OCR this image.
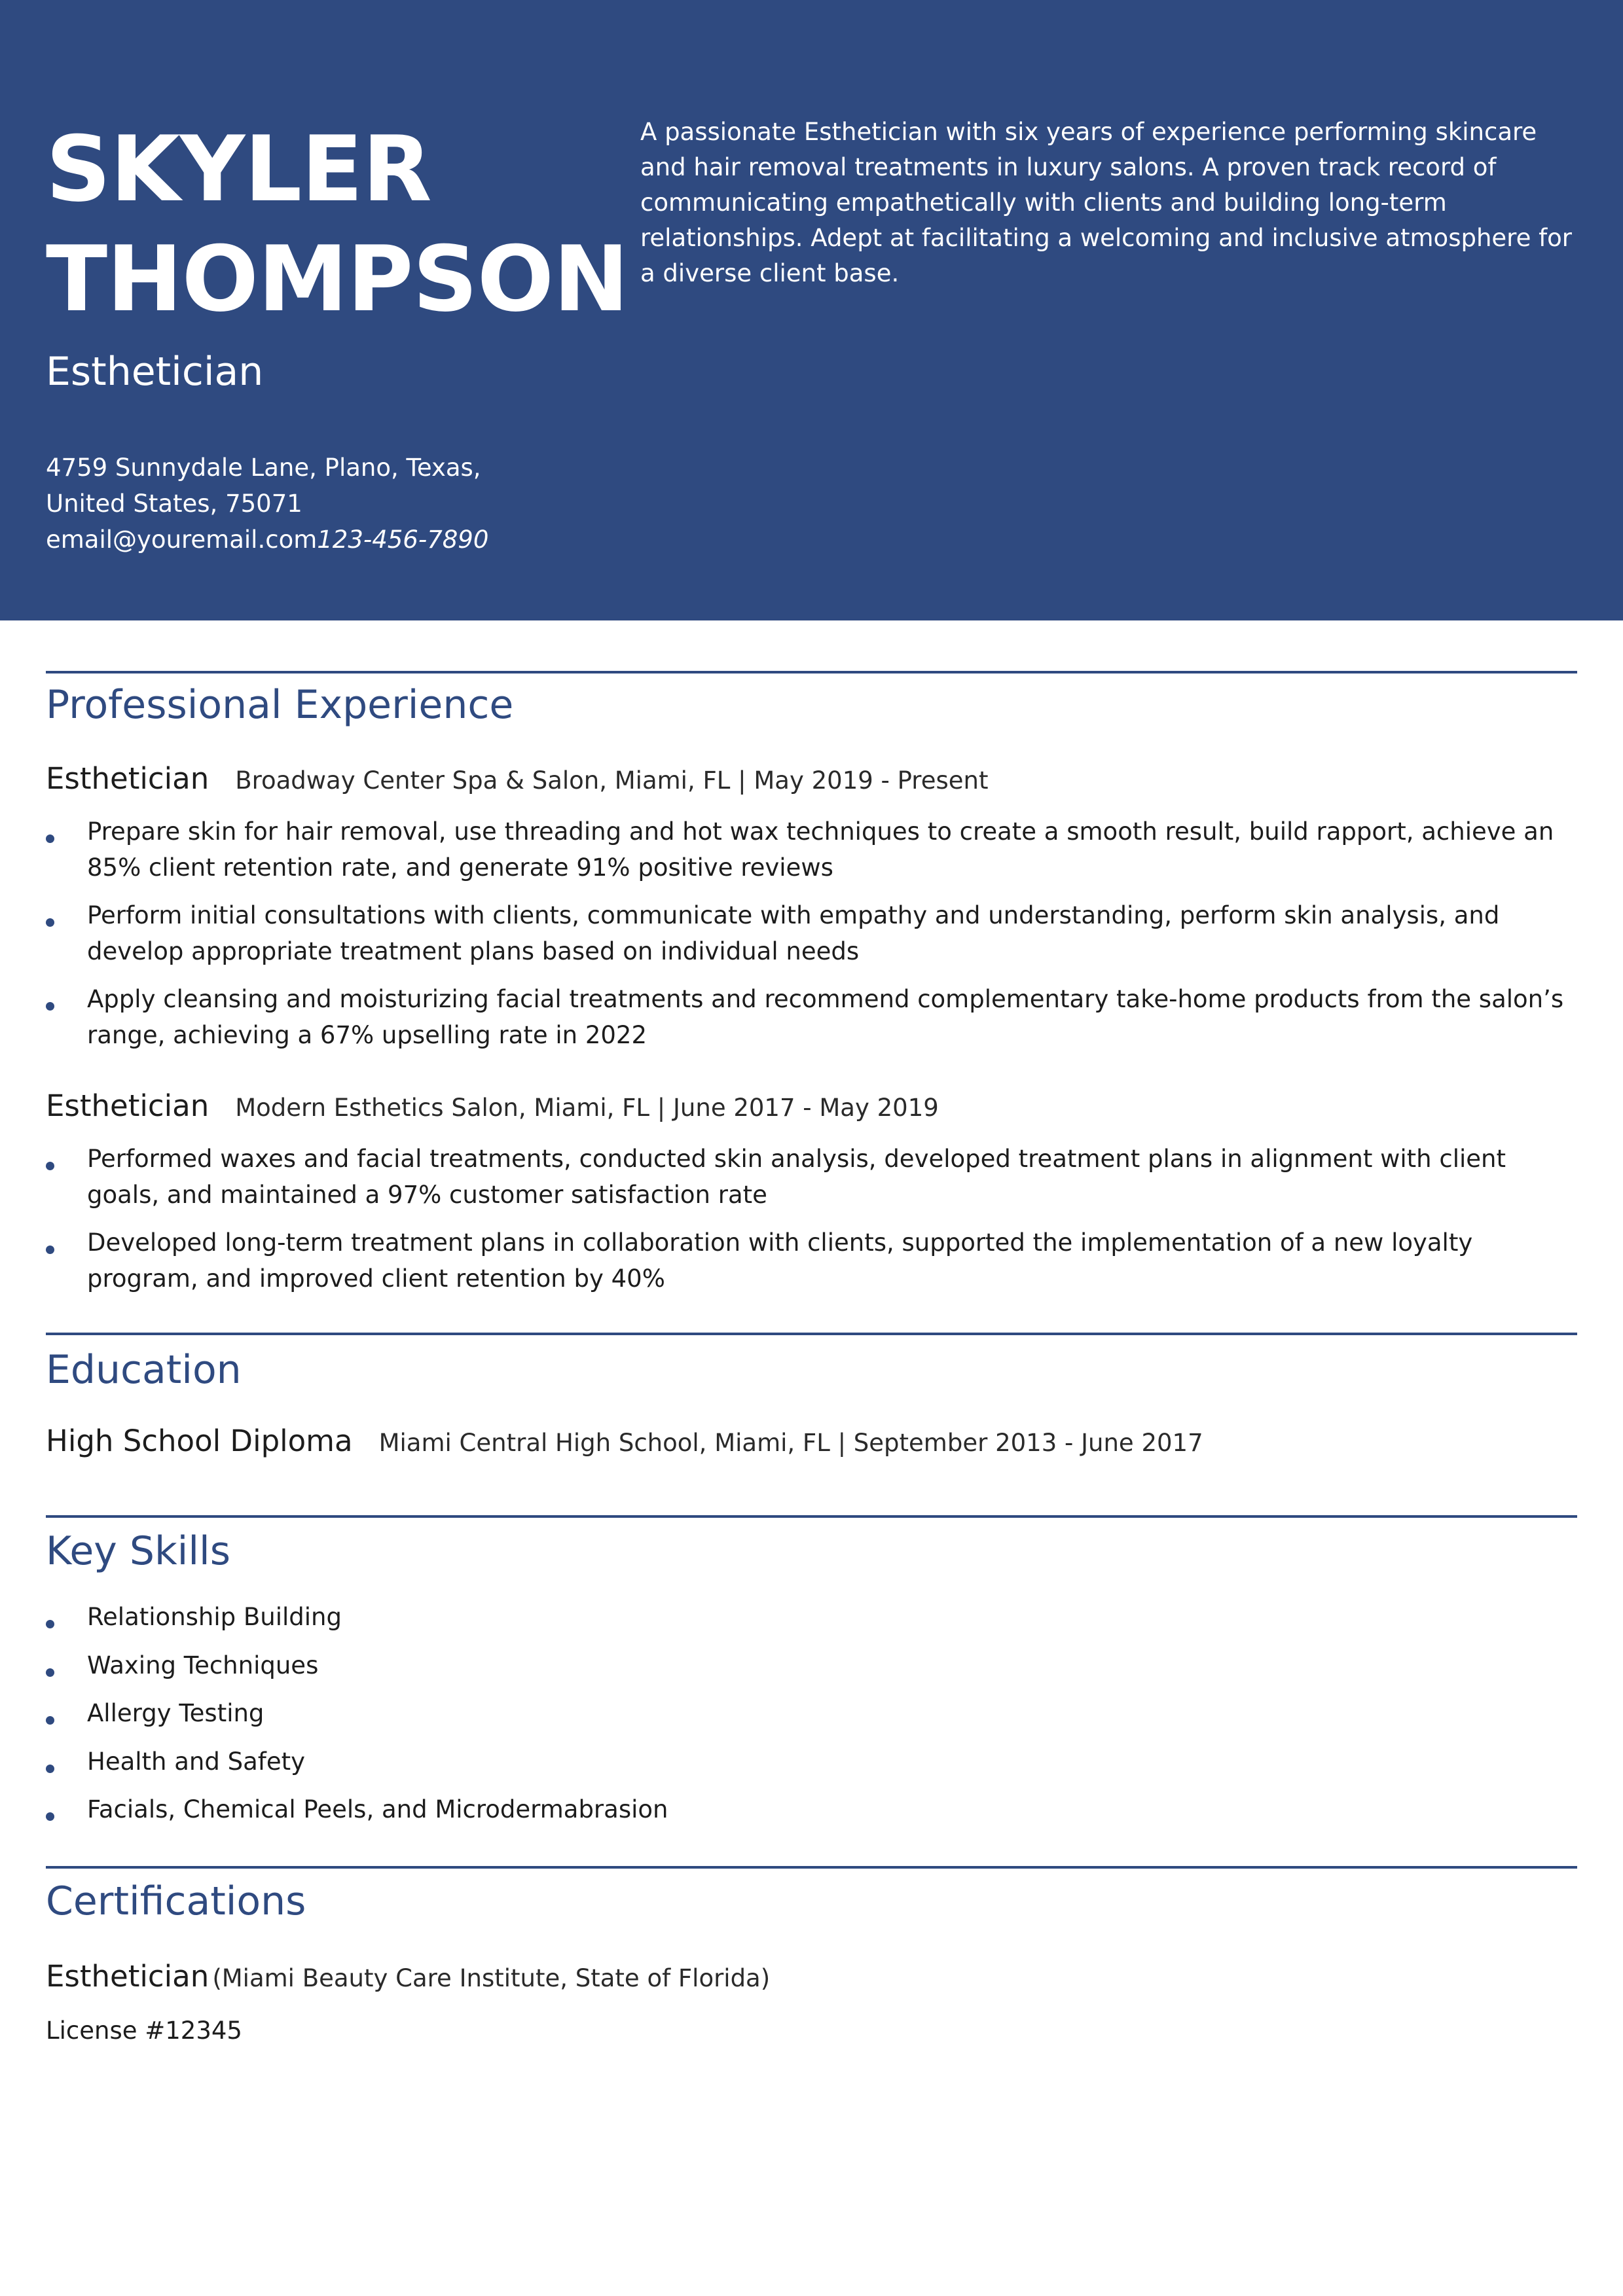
SKYLER THOMPSON
Esthetician
4759 Sunnydale Lane, Plano, Texas, United States, 75071
email@youremail.com123-456-7890

A passionate Esthetician with six years of experience performing skincare and hair removal treatments in luxury salons. A proven track record of communicating empathetically with clients and building long-term relationships. Adept at facilitating a welcoming and inclusive atmosphere for a diverse client base.

Professional Experience
Esthetician Broadway Center Spa & Salon, Miami, FL | May 2019 - Present
Prepare skin for hair removal, use threading and hot wax techniques to create a smooth result, build rapport, achieve an 85% client retention rate, and generate 91% positive reviews
Perform initial consultations with clients, communicate with empathy and understanding, perform skin analysis, and develop appropriate treatment plans based on individual needs
Apply cleansing and moisturizing facial treatments and recommend complementary take-home products from the salon’s range, achieving a 67% upselling rate in 2022
Esthetician Modern Esthetics Salon, Miami, FL | June 2017 - May 2019
Performed waxes and facial treatments, conducted skin analysis, developed treatment plans in alignment with client goals, and maintained a 97% customer satisfaction rate
Developed long-term treatment plans in collaboration with clients, supported the implementation of a new loyalty program, and improved client retention by 40%
Education
High School Diploma Miami Central High School, Miami, FL | September 2013 - June 2017
Key Skills
Relationship Building
Waxing Techniques
Allergy Testing
Health and Safety
Facials, Chemical Peels, and Microdermabrasion
Certifications
Esthetician (Miami Beauty Care Institute, State of Florida)
License #12345
